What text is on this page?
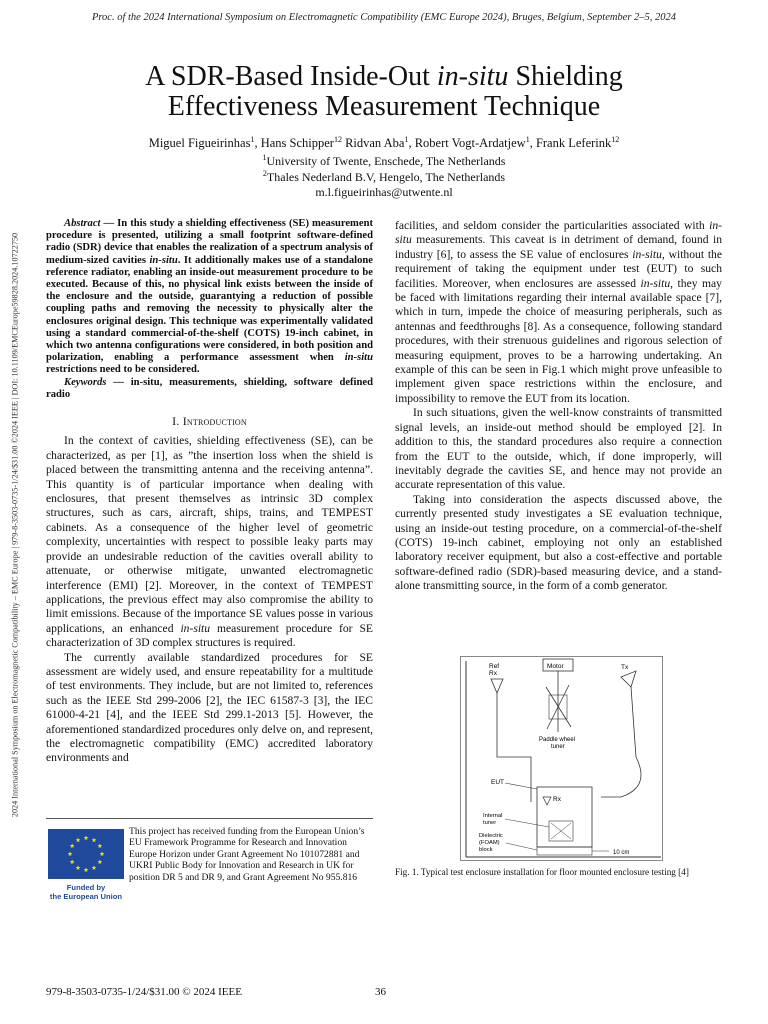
Proc. of the 2024 International Symposium on Electromagnetic Compatibility (EMC Europe 2024), Bruges, Belgium, September 2–5, 2024
A SDR-Based Inside-Out in-situ Shielding
Effectiveness Measurement Technique
Miguel Figueirinhas$^1$, Hans Schipper$^{12}$ Ridvan Aba$^1$, Robert Vogt-Ardatjew$^1$, Frank Leferink$^{12}$
$^1$University of Twente, Enschede, The Netherlands
$^2$Thales Nederland B.V, Hengelo, The Netherlands
m.l.figueirinhas@utwente.nl
2024 International Symposium on Electromagnetic Compatibility – EMC Europe | 979-8-3503-0735-1/24/$31.00 ©2024 IEEE | DOI: 10.1109/EMCEurope59828.2024.10722750
Abstract — In this study a shielding effectiveness (SE) measurement procedure is presented, utilizing a small footprint software-defined radio (SDR) device that enables the realization of a spectrum analysis of medium-sized cavities in-situ. It additionally makes use of a standalone reference radiator, enabling an inside-out measurement procedure to be executed. Because of this, no physical link exists between the inside of the enclosure and the outside, guarantying a reduction of possible coupling paths and removing the necessity to physically alter the enclosures original design. This technique was experimentally validated using a standard commercial-of-the-shelf (COTS) 19-inch cabinet, in which two antenna configurations were considered, in both position and polarization, enabling a performance assessment when in-situ restrictions need to be considered.
Keywords — in-situ, measurements, shielding, software defined radio
I. Introduction

In the context of cavities, shielding effectiveness (SE), can be characterized, as per [1], as ”the insertion loss when the shield is placed between the transmitting antenna and the receiving antenna”. This quantity is of particular importance when dealing with enclosures, that present themselves as intrinsic 3D complex structures, such as cars, aircraft, ships, trains, and TEMPEST cabinets. As a consequence of the higher level of geometric complexity, uncertainties with respect to possible leaky parts may provide an undesirable reduction of the cavities overall ability to attenuate, or otherwise mitigate, unwanted electromagnetic interference (EMI) [2]. Moreover, in the context of TEMPEST applications, the previous effect may also compromise the ability to limit emissions. Because of the importance SE values posse in various applications, an enhanced in-situ measurement procedure for SE characterization of 3D complex structures is required.

The currently available standardized procedures for SE assessment are widely used, and ensure repeatability for a multitude of test environments. They include, but are not limited to, references such as the IEEE Std 299-2006 [2], the IEC 61587-3 [3], the IEC 61000-4-21 [4], and the IEEE Std 299.1-2013 [5]. However, the aforementioned standardized procedures only delve on, and represent, the electromagnetic compatibility (EMC) accredited laboratory environments and

Funded by
the European Union
This project has received funding from the European Union’s EU Framework Programme for Research and Innovation Europe Horizon under Grant Agreement No 101072881 and UKRI Public Body for Innovation and Research in UK for position DR 5 and DR 9, and Grant Agreement No 955.816

facilities, and seldom consider the particularities associated with in-situ measurements. This caveat is in detriment of demand, found in industry [6], to assess the SE value of enclosures in-situ, without the requirement of taking the equipment under test (EUT) to such facilities. Moreover, when enclosures are assessed in-situ, they may be faced with limitations regarding their internal available space [7], which in turn, impede the choice of measuring peripherals, such as antennas and feedthroughs [8]. As a consequence, following standard procedures, with their strenuous guidelines and rigorous selection of measuring equipment, proves to be a harrowing undertaking. An example of this can be seen in Fig.1 which might prove unfeasible to implement given space restrictions within the enclosure, and impossibility to remove the EUT from its location.

In such situations, given the well-know constraints of transmitted signal levels, an inside-out method should be employed [2]. In addition to this, the standard procedures also require a connection from the EUT to the outside, which, if done improperly, will inevitably degrade the cavities SE, and hence may not provide an accurate representation of this value.

Taking into consideration the aspects discussed above, the currently presented study investigates a SE evaluation technique, using an inside-out testing procedure, on a commercial-of-the-shelf (COTS) 19-inch cabinet, employing not only an established laboratory receiver equipment, but also a cost-effective and portable software-defined radio (SDR)-based measuring device, and a stand-alone transmitting source, in the form of a comb generator.

Ref
Rx
Motor
Paddle wheel
tuner
Tx
EUT
Rx
Internal
tuner
Dielectric
(FOAM)
block	10 cm
Fig. 1. Typical test enclosure installation for floor mounted enclosure testing [4]
979-8-3503-0735-1/24/$31.00 © 2024 IEEE	36
